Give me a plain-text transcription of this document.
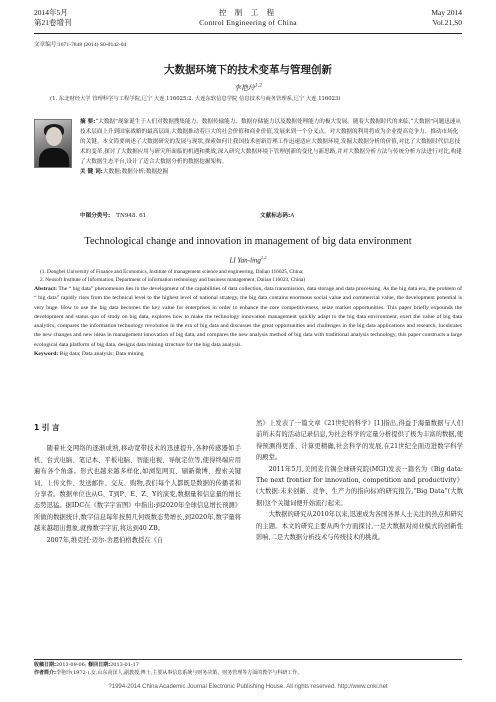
2014年5月
第21卷增刊
控 制 工 程
Control Engineering of China
May 2014
Vol.21,S0
文章编号:1671-7848 (2014) S0-0142-04
大数据环境下的技术变革与管理创新
李艳玲$^{1,2}$
(1. 东北财经大学 管理科学与工程学院,辽宁 大连 116025;2. 大连东软信息学院 信息技术与商务管理系,辽宁 大连 116023)
摘 要:“大数据”现象诞生于人们对数据搜集能力、数据传输能力、数据存储能力以及数据处理能力的极大发展。随着大数据时代的来临,“大数据”问题迅速从技术层面上升到国家战略的最高层面,大数据推动着巨大的社会价值和商业价值,发展来到一个分叉点。对大数据的利用将成为企业提高竞争力、推动市场化的关键。本文简要阐述了大数据研究的发展与现状,探索如何让我国技术创新管理工作迅速适应大数据环境,发掘大数据分析的价值,对比了大数据时代信息技术的变革,探讨了大数据应用与研究所面临的机遇和挑战,深入研究大数据环境下管理创新的变化与新思路,并对大数据分析方法与传统分析方法进行对比,构建了大数据生态平台,设计了适合大数据分析的数据挖掘架构。
关 键 词:大数据;数据分析;数据挖掘
中图分类号: TN948. 61	文献标志码:A
Technological change and innovation in management of big data environment
LI Yan-ling$^{1,2}$
(1. Dongbei University of Finance and Economics, Institute of management science and engineering, Dalian 116025, China;
2. Neusoft Institute of Information, Department of information technology and business management, Dalian 116023, China)
Abstract: The “ big data” phenomenon lies in the development of the capabilities of data collection, data transmission, data storage and data processing. As the big data era, the problem of “ big data” rapidly rises from the technical level to the highest level of national strategy, the big data contains enormous social value and commercial value, the development potential is very huge. How to use the big data becomes the key value for enterprises in order to enhance the core competitiveness, seize market opportunities. This paper briefly expounds the development and status quo of study on big data, explores how to make the technology innovation management quickly adapt to the big data environment, exert the value of big data analytics, compares the information technology revolution in the era of big data and discusses the great opportunities and challenges in the big data applications and research, lucubrates the new changes and new ideas in management innovation of big data, and compares the new analysis method of big data with traditional analysis technology, this paper constructs a large ecological data platform of big data, designs data mining structure for the big data analysis.
Keyword: Big data; Data analysis; Data mining
1 引 言

随着社交网络的逐渐成熟,移动宽带技术的迅速提升,各种传感器如手机、台式电脑、笔记本、平板电脑、智能电视、导航定位等,使得终端应用遍布各个角落。形式也越来越多样化,如浏览网页、刷新微博、搜索关键词、上传文件、发送邮件、交友、购物,我们每个人都既是数据的传播者和分享者。数据单位也从G、T到P、E、Z、Y的演变,数据量和信息量的增长态势迅猛。据IDC在《数字宇宙图》中指出:到2020年全球信息增长预测》所做的数据统计,数字信息每年按照几何级数态势增长,到2020年,数字量将越来越超出想象,就像数字宇宙,将达到40 ZB。

2007年,维克托·迈尔-舍恩伯格教授在《自

然》上发表了一篇文章《21世纪的科学》[1]指出,得益于海量数据与人们前所未有的活动记录信息,为社会科学的定量分析提供了极为丰富的数据,使得预测得更准、计算更精确,社会科学的发展,在21世纪全面迈进数字科学的殿堂。

2011年5月,美国麦肯锡全球研究院(MGI)发表一篇名为《Big data: The next frontier for innovation, competition and productivity》(大数据:未来创新、竞争、生产力的指向标)的研究报告,“Big Data”(大数据)这个关键词便开始流行起来。

大数据的研究从2010年以来,迅速成为各国各界人士关注的热点和研究的主题。本文的研究主要从两个方面探讨,一是大数据对商业模式的创新性影响,二是大数据分析技术与传统技术的挑战。

收稿日期:2013-09-06; 修回日期:2013-01-17
作者简介:李艳玲(1972-),女,山东菏泽人,副教授,博士,主要从事信息系统与财务决策、财务管理等方面的教学与科研工作。
?1994-2014 China Academic Journal Electronic Publishing House. All rights reserved. http://www.cnki.net
